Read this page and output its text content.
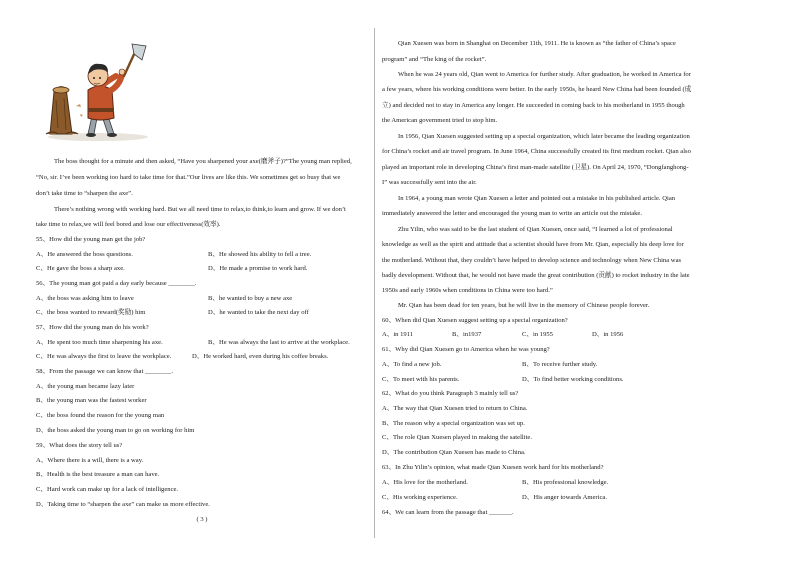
The boss thought for a minute and then asked, “Have you sharpened your axe(磨斧子)?”The young man replied,
“No, sir. I’ve been working too hard to take time for that.”Our lives are like this. We sometimes get so busy that we
don’t take time to “sharpen the axe”.
There’s nothing wrong with working hard. But we all need time to relax,to think,to learn and grow. If we don’t
take time to relax,we will feel bored and lose our effectiveness(效率).
55、How did the young man get the job?
A、He answered the boss questions.	B、He showed his ability to fell a tree.
C、He gave the boss a sharp axe.	D、He made a promise to work hard.
56、The young man got paid a day early because ________.
A、the boss was asking him to leave	B、he wanted to buy a new axe
C、the boss wanted to reward(奖励) him	D、he wanted to take the next day off
57、How did the young man do his work?
A、He spent too much time sharpening his axe.	B、He was always the last to arrive at the workplace.
C、He was always the first to leave the workplace.	D、He worked hard, even during his coffee breaks.
58、From the passage we can know that ________.
A、the young man became lazy later
B、the young man was the fastest worker
C、the boss found the reason for the young man
D、the boss asked the young man to go on working for him
59、What does the story tell us?
A、Where there is a will, there is a way.
B、Health is the best treasure a man can have.
C、Hard work can make up for a lack of intelligence.
D、Taking time to “sharpen the axe” can make us more effective.
( 3 )
Qian Xuesen was born in Shanghai on December 11th, 1911. He is known as “the father of China’s space
program” and “The king of the rocket”.
When he was 24 years old, Qian went to America for further study. After graduation, he worked in America for
a few years, where his working conditions were better. In the early 1950s, he heard New China had been founded (成
立) and decided not to stay in America any longer. He succeeded in coming back to his motherland in 1955 though
the American government tried to stop him.
In 1956, Qian Xuesen suggested setting up a special organization, which later became the leading organization
for China’s rocket and air travel program. In June 1964, China successfully created its first medium rocket. Qian also
played an important role in developing China’s first man-made satellite (卫星). On April 24, 1970, “Dongfanghong-
I” was successfully sent into the air.
In 1964, a young man wrote Qian Xuesen a letter and pointed out a mistake in his published article. Qian
immediately answered the letter and encouraged the young man to write an article out the mistake.
Zhu Yilin, who was said to be the last student of Qian Xuesen, once said, “I learned a lot of professional
knowledge as well as the spirit and attitude that a scientist should have from Mr. Qian, especially his deep love for
the motherland. Without that, they couldn’t have helped to develop science and technology when New China was
badly development. Without that, he would not have made the great contribution (贡献) to rocket industry in the late
1950s and early 1960s when conditions in China were too hard.”
Mr. Qian has been dead for ten years, but he will live in the memory of Chinese people forever.
60、When did Qian Xuesen suggest setting up a special organization?
A、in 1911	B、in1937	C、in 1955	D、in 1956
61、Why did Qian Xuesen go to America when he was young?
A、To find a new job.	B、To receive further study.
C、To meet with his parents.	D、To find better working conditions.
62、What do you think Paragraph 3 mainly tell us?
A、The way that Qian Xuesen tried to return to China.
B、The reason why a special organization was set up.
C、The role Qian Xuesen played in making the satellite.
D、The contribution Qian Xuesen has made to China.
63、In Zhu Yilin’s opinion, what made Qian Xuesen work hard for his motherland?
A、His love for the motherland.	B、His professional knowledge.
C、His working experience.	D、His anger towards America.
64、We can learn from the passage that _______.
